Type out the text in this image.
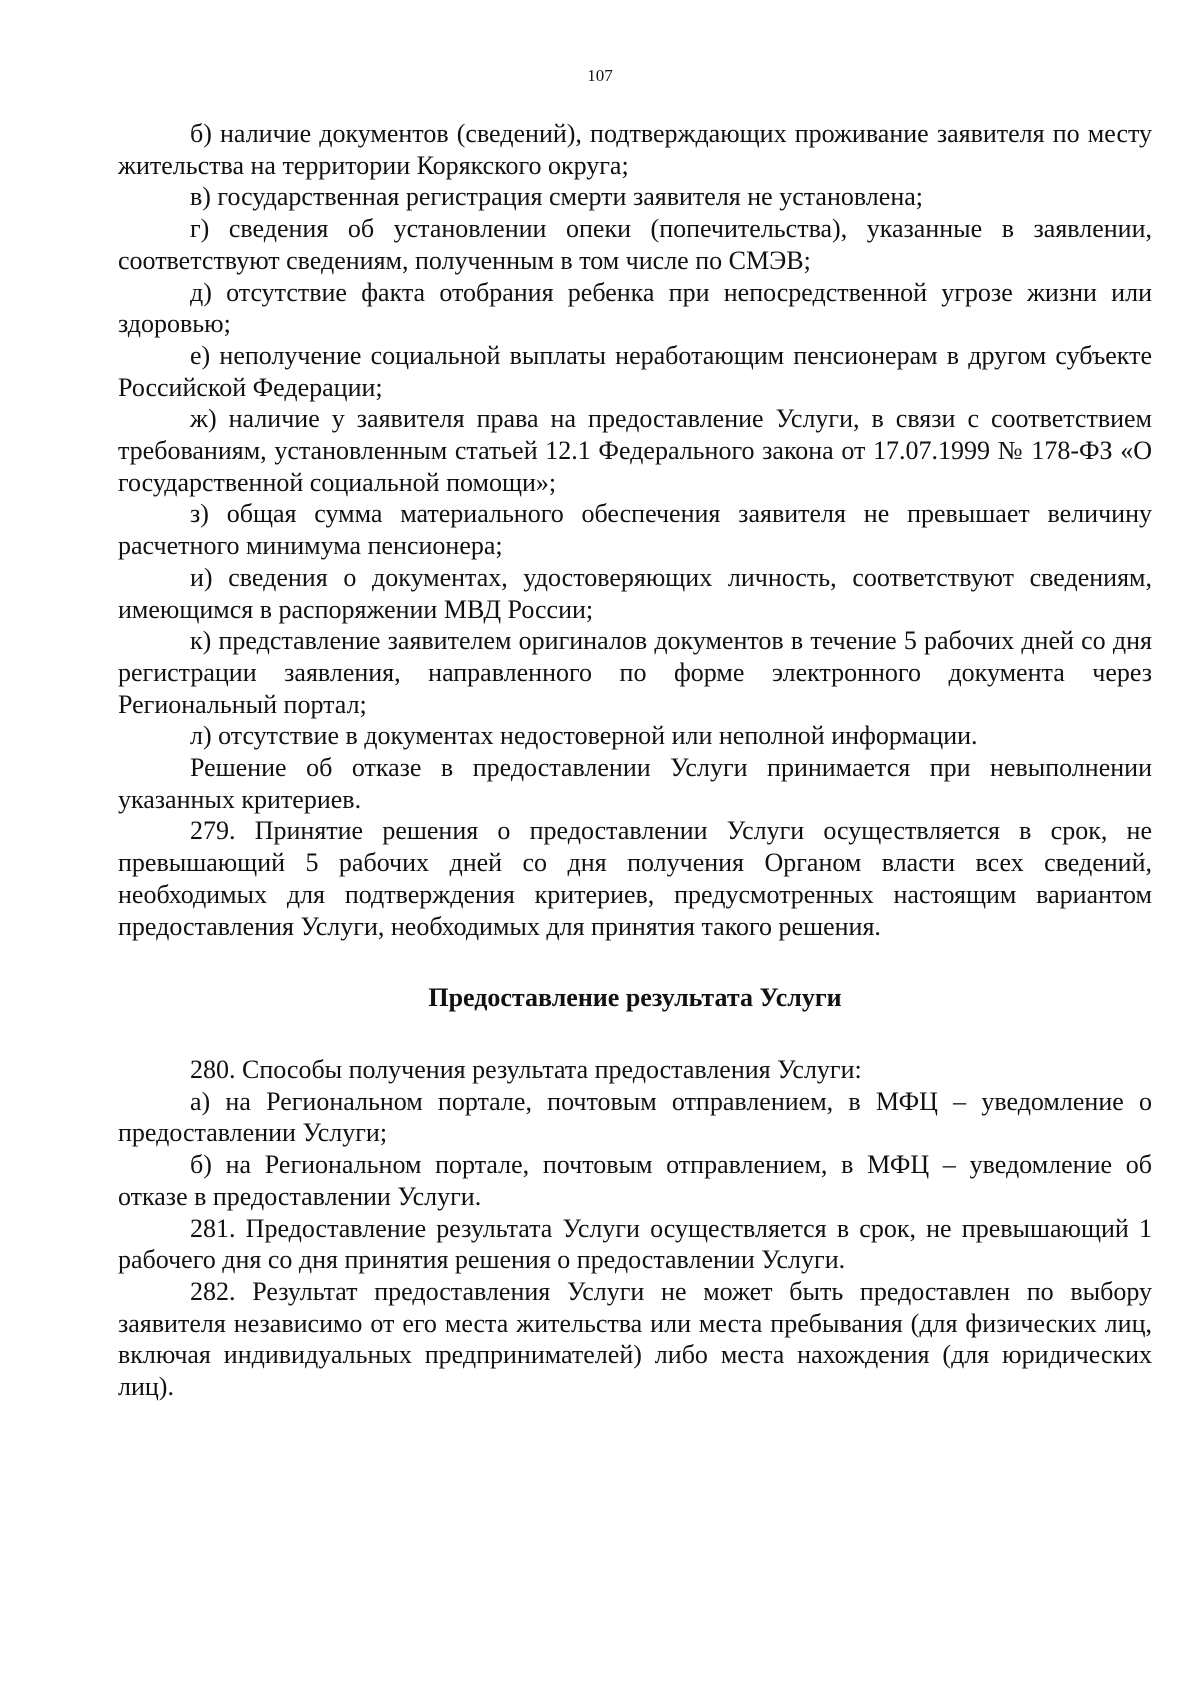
107

б) наличие документов (сведений), подтверждающих проживание заявителя по месту жительства на территории Корякского округа;

в) государственная регистрация смерти заявителя не установлена;

г) сведения об установлении опеки (попечительства), указанные в заявлении, соответствуют сведениям, полученным в том числе по СМЭВ;

д) отсутствие факта отобрания ребенка при непосредственной угрозе жизни или здоровью;

е) неполучение социальной выплаты неработающим пенсионерам в другом субъекте Российской Федерации;

ж) наличие у заявителя права на предоставление Услуги, в связи с соответствием требованиям, установленным статьей 12.1 Федерального закона от 17.07.1999 № 178-ФЗ «О государственной социальной помощи»;

з) общая сумма материального обеспечения заявителя не превышает величину расчетного минимума пенсионера;

и) сведения о документах, удостоверяющих личность, соответствуют сведениям, имеющимся в распоряжении МВД России;

к) представление заявителем оригиналов документов в течение 5 рабочих дней со дня регистрации заявления, направленного по форме электронного документа через Региональный портал;

л) отсутствие в документах недостоверной или неполной информации.

Решение об отказе в предоставлении Услуги принимается при невыполнении указанных критериев.

279. Принятие решения о предоставлении Услуги осуществляется в срок, не превышающий 5 рабочих дней со дня получения Органом власти всех сведений, необходимых для подтверждения критериев, предусмотренных настоящим вариантом предоставления Услуги, необходимых для принятия такого решения.

Предоставление результата Услуги

280. Способы получения результата предоставления Услуги:

а) на Региональном портале, почтовым отправлением, в МФЦ – уведомление о предоставлении Услуги;

б) на Региональном портале, почтовым отправлением, в МФЦ – уведомление об отказе в предоставлении Услуги.

281. Предоставление результата Услуги осуществляется в срок, не превышающий 1 рабочего дня со дня принятия решения о предоставлении Услуги.

282. Результат предоставления Услуги не может быть предоставлен по выбору заявителя независимо от его места жительства или места пребывания (для физических лиц, включая индивидуальных предпринимателей) либо места нахождения (для юридических лиц).
